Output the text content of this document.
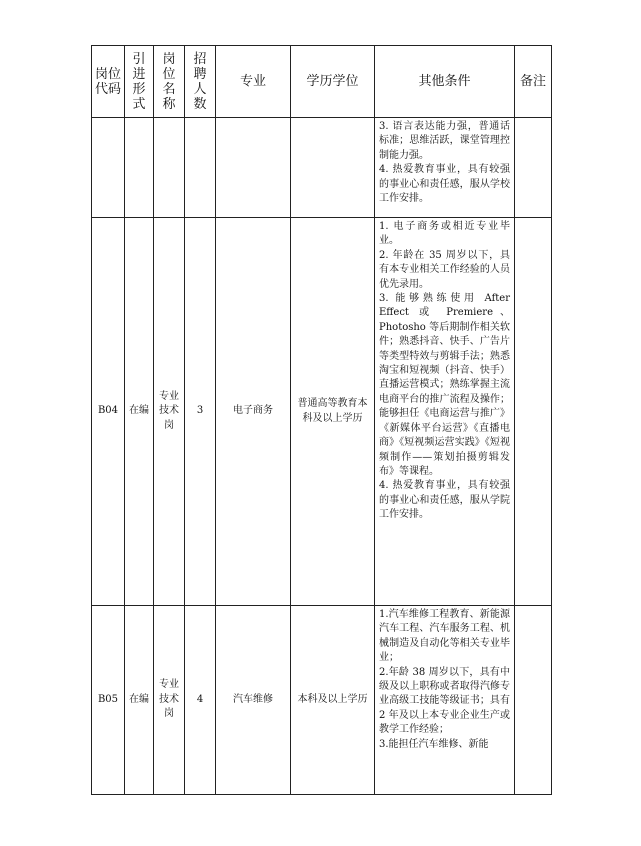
岗位代码	引进形式	岗位名称	招聘人数	专业	学历学位	其他条件	备注

						3. 语言表达能力强，普通话标准；思维活跃，课堂管理控制能力强。

4. 热爱教育事业，具有较强的事业心和责任感，服从学校工作安排。	

B04	在编	专业技术岗	3	电子商务	普通高等教育本科及以上学历	1. 电子商务或相近专业毕业。

2. 年龄在 35 周岁以下，具有本专业相关工作经验的人员优先录用。

3. 能够熟练使用 After Effect 或 Premiere、Photosho 等后期制作相关软件；熟悉抖音、快手、广告片等类型特效与剪辑手法；熟悉淘宝和短视频（抖音、快手）直播运营模式；熟练掌握主流电商平台的推广流程及操作；能够担任《电商运营与推广》《新媒体平台运营》《直播电商》《短视频运营实践》《短视频制作——策划拍摄剪辑发布》等课程。

4. 热爱教育事业，具有较强的事业心和责任感，服从学院工作安排。	

B05	在编	专业技术岗	4	汽车维修	本科及以上学历	1.汽车维修工程教育、新能源汽车工程、汽车服务工程、机械制造及自动化等相关专业毕业；

2.年龄 38 周岁以下，具有中级及以上职称或者取得汽修专业高级工技能等级证书；具有 2 年及以上本专业企业生产或教学工作经验；

3.能担任汽车维修、新能	
